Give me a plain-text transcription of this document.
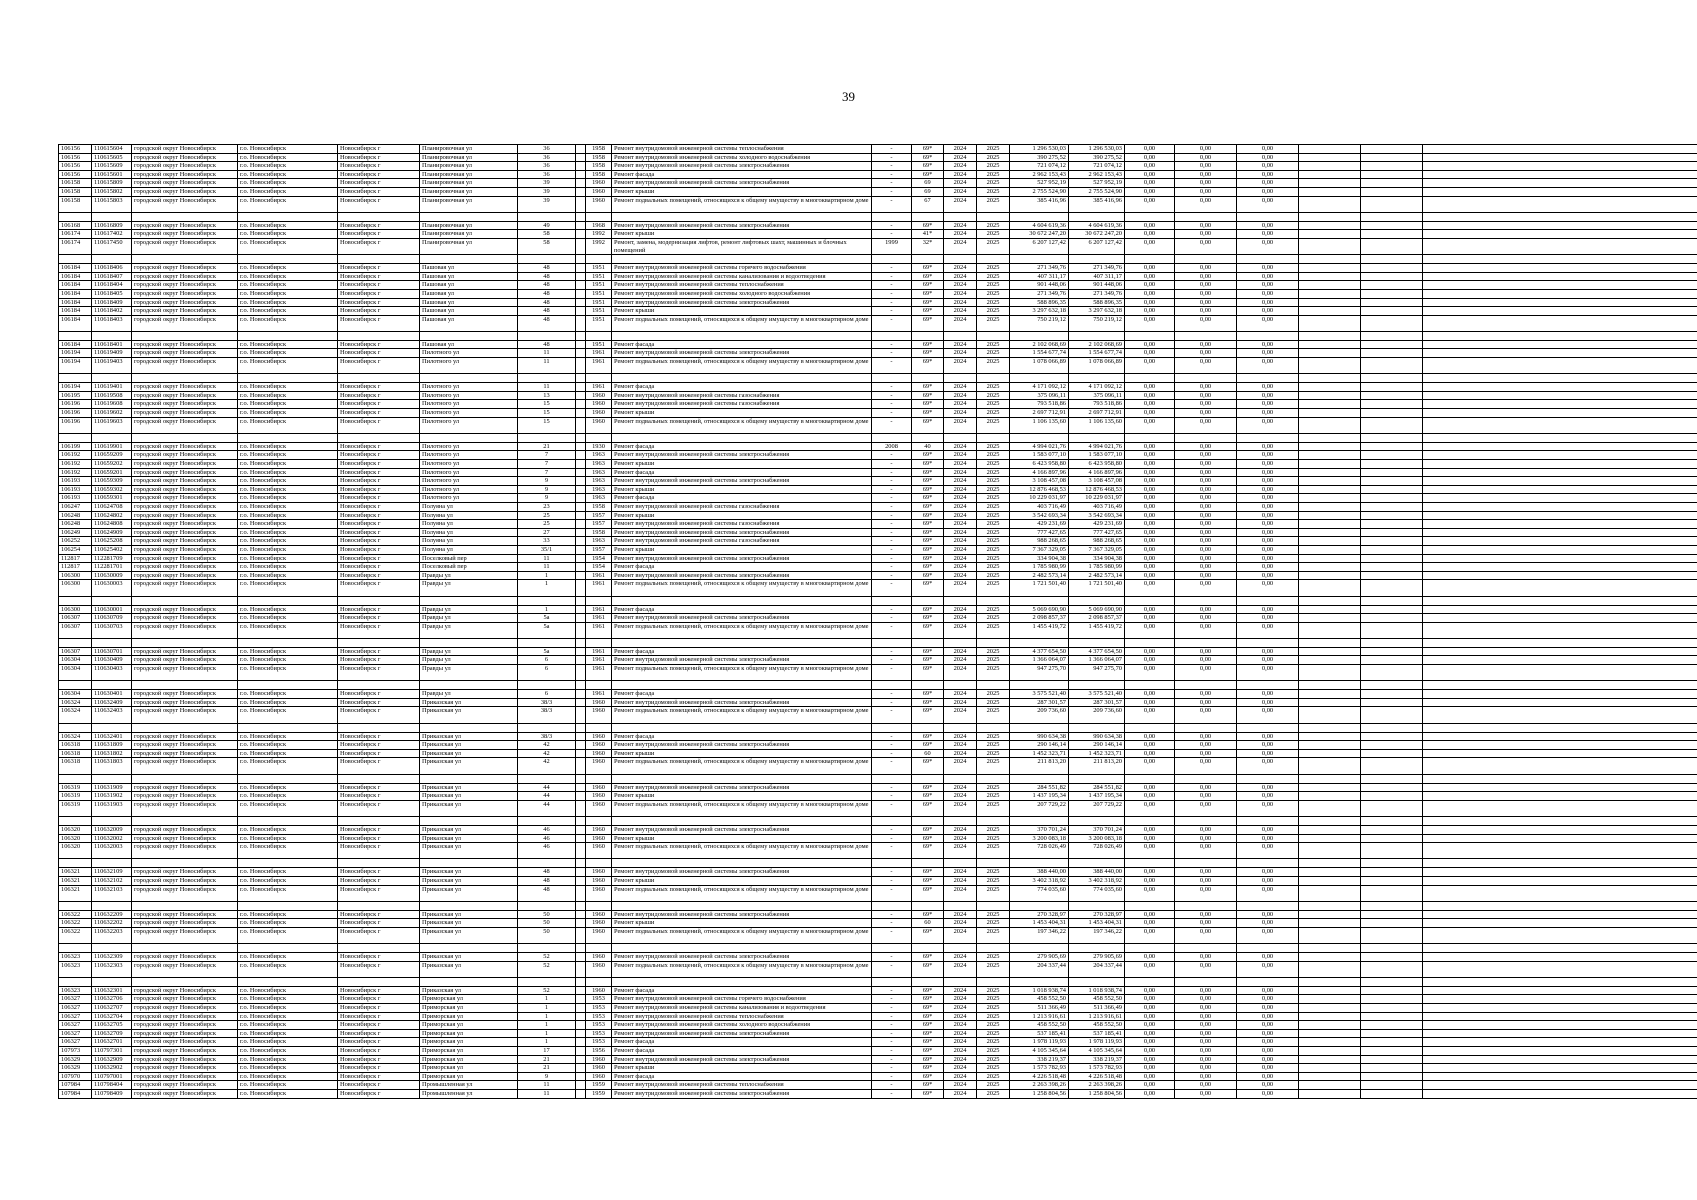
39
106156	110615604	городской округ Новосибирск	г.о. Новосибирск	Новосибирск г	Планировочная ул	36		1958	Ремонт внутридомовой инженерной системы теплоснабжения	-	69*	2024	2025	1 296 530,03	1 296 530,03	0,00	0,00	0,00			
106156	110615605	городской округ Новосибирск	г.о. Новосибирск	Новосибирск г	Планировочная ул	36		1958	Ремонт внутридомовой инженерной системы холодного водоснабжения	-	69*	2024	2025	390 275,52	390 275,52	0,00	0,00	0,00			
106156	110615609	городской округ Новосибирск	г.о. Новосибирск	Новосибирск г	Планировочная ул	36		1958	Ремонт внутридомовой инженерной системы электроснабжения	-	69*	2024	2025	721 074,12	721 074,12	0,00	0,00	0,00			
106156	110615601	городской округ Новосибирск	г.о. Новосибирск	Новосибирск г	Планировочная ул	36		1958	Ремонт фасада	-	69*	2024	2025	2 962 153,43	2 962 153,43	0,00	0,00	0,00			
106158	110615809	городской округ Новосибирск	г.о. Новосибирск	Новосибирск г	Планировочная ул	39		1960	Ремонт внутридомовой инженерной системы электроснабжения	-	69	2024	2025	527 952,19	527 952,19	0,00	0,00	0,00			
106158	110615802	городской округ Новосибирск	г.о. Новосибирск	Новосибирск г	Планировочная ул	39		1960	Ремонт крыши	-	69	2024	2025	2 755 524,90	2 755 524,90	0,00	0,00	0,00			
106158	110615803	городской округ Новосибирск	г.о. Новосибирск	Новосибирск г	Планировочная ул	39		1960	Ремонт подвальных помещений, относящихся к общему имуществу в многоквартирном доме	-	67	2024	2025	385 416,96	385 416,96	0,00	0,00	0,00			

106168	110616809	городской округ Новосибирск	г.о. Новосибирск	Новосибирск г	Планировочная ул	49		1968	Ремонт внутридомовой инженерной системы электроснабжения	-	69*	2024	2025	4 604 619,36	4 604 619,36	0,00	0,00	0,00			
106174	110617402	городской округ Новосибирск	г.о. Новосибирск	Новосибирск г	Планировочная ул	58		1992	Ремонт крыши	-	41*	2024	2025	30 672 247,20	30 672 247,20	0,00	0,00	0,00			
106174	110617450	городской округ Новосибирск	г.о. Новосибирск	Новосибирск г	Планировочная ул	58		1992	Ремонт, замена, модернизация лифтов, ремонт лифтовых шахт, машинных и блочных помещений	1999	32*	2024	2025	6 207 127,42	6 207 127,42	0,00	0,00	0,00			

106184	110618406	городской округ Новосибирск	г.о. Новосибирск	Новосибирск г	Пашовая ул	48		1951	Ремонт внутридомовой инженерной системы горячего водоснабжения	-	69*	2024	2025	271 349,76	271 349,76	0,00	0,00	0,00			
106184	110618407	городской округ Новосибирск	г.о. Новосибирск	Новосибирск г	Пашовая ул	48		1951	Ремонт внутридомовой инженерной системы канализования и водоотведения	-	69*	2024	2025	407 311,17	407 311,17	0,00	0,00	0,00			
106184	110618404	городской округ Новосибирск	г.о. Новосибирск	Новосибирск г	Пашовая ул	48		1951	Ремонт внутридомовой инженерной системы теплоснабжения	-	69*	2024	2025	901 448,06	901 448,06	0,00	0,00	0,00			
106184	110618405	городской округ Новосибирск	г.о. Новосибирск	Новосибирск г	Пашовая ул	48		1951	Ремонт внутридомовой инженерной системы холодного водоснабжения	-	69*	2024	2025	271 349,76	271 349,76	0,00	0,00	0,00			
106184	110618409	городской округ Новосибирск	г.о. Новосибирск	Новосибирск г	Пашовая ул	48		1951	Ремонт внутридомовой инженерной системы электроснабжения	-	69*	2024	2025	588 896,35	588 896,35	0,00	0,00	0,00			
106184	110618402	городской округ Новосибирск	г.о. Новосибирск	Новосибирск г	Пашовая ул	48		1951	Ремонт крыши	-	69*	2024	2025	3 297 632,18	3 297 632,18	0,00	0,00	0,00			
106184	110618403	городской округ Новосибирск	г.о. Новосибирск	Новосибирск г	Пашовая ул	48		1951	Ремонт подвальных помещений, относящихся к общему имуществу в многоквартирном доме	-	69*	2024	2025	750 219,12	750 219,12	0,00	0,00	0,00			

106184	110618401	городской округ Новосибирск	г.о. Новосибирск	Новосибирск г	Пашовая ул	48		1951	Ремонт фасада	-	69*	2024	2025	2 102 068,69	2 102 068,69	0,00	0,00	0,00			
106194	110619409	городской округ Новосибирск	г.о. Новосибирск	Новосибирск г	Пилотного ул	11		1961	Ремонт внутридомовой инженерной системы электроснабжения	-	69*	2024	2025	1 554 677,74	1 554 677,74	0,00	0,00	0,00			
106194	110619403	городской округ Новосибирск	г.о. Новосибирск	Новосибирск г	Пилотного ул	11		1961	Ремонт подвальных помещений, относящихся к общему имуществу в многоквартирном доме	-	69*	2024	2025	1 078 066,89	1 078 066,89	0,00	0,00	0,00			

106194	110619401	городской округ Новосибирск	г.о. Новосибирск	Новосибирск г	Пилотного ул	11		1961	Ремонт фасада	-	69*	2024	2025	4 171 092,12	4 171 092,12	0,00	0,00	0,00			
106195	110619508	городской округ Новосибирск	г.о. Новосибирск	Новосибирск г	Пилотного ул	13		1960	Ремонт внутридомовой инженерной системы газоснабжения	-	69*	2024	2025	375 096,11	375 096,11	0,00	0,00	0,00			
106196	110619608	городской округ Новосибирск	г.о. Новосибирск	Новосибирск г	Пилотного ул	15		1960	Ремонт внутридомовой инженерной системы газоснабжения	-	69*	2024	2025	793 518,86	793 518,86	0,00	0,00	0,00			
106196	110619602	городской округ Новосибирск	г.о. Новосибирск	Новосибирск г	Пилотного ул	15		1960	Ремонт крыши	-	69*	2024	2025	2 697 712,91	2 697 712,91	0,00	0,00	0,00			
106196	110619603	городской округ Новосибирск	г.о. Новосибирск	Новосибирск г	Пилотного ул	15		1960	Ремонт подвальных помещений, относящихся к общему имуществу в многоквартирном доме	-	69*	2024	2025	1 106 135,60	1 106 135,60	0,00	0,00	0,00			

106199	110619901	городской округ Новосибирск	г.о. Новосибирск	Новосибирск г	Пилотного ул	21		1930	Ремонт фасада	2008	40	2024	2025	4 994 021,76	4 994 021,76	0,00	0,00	0,00			
106192	110659209	городской округ Новосибирск	г.о. Новосибирск	Новосибирск г	Пилотного ул	7		1963	Ремонт внутридомовой инженерной системы электроснабжения	-	69*	2024	2025	1 583 077,10	1 583 077,10	0,00	0,00	0,00			
106192	110659202	городской округ Новосибирск	г.о. Новосибирск	Новосибирск г	Пилотного ул	7		1963	Ремонт крыши	-	69*	2024	2025	6 423 958,80	6 423 958,80	0,00	0,00	0,00			
106192	110659201	городской округ Новосибирск	г.о. Новосибирск	Новосибирск г	Пилотного ул	7		1963	Ремонт фасада	-	69*	2024	2025	4 166 897,96	4 166 897,96	0,00	0,00	0,00			
106193	110659309	городской округ Новосибирск	г.о. Новосибирск	Новосибирск г	Пилотного ул	9		1963	Ремонт внутридомовой инженерной системы электроснабжения	-	69*	2024	2025	3 108 457,08	3 108 457,08	0,00	0,00	0,00			
106193	110659302	городской округ Новосибирск	г.о. Новосибирск	Новосибирск г	Пилотного ул	9		1963	Ремонт крыши	-	69*	2024	2025	12 876 468,53	12 876 468,53	0,00	0,00	0,00			
106193	110659301	городской округ Новосибирск	г.о. Новосибирск	Новосибирск г	Пилотного ул	9		1963	Ремонт фасада	-	69*	2024	2025	10 229 031,97	10 229 031,97	0,00	0,00	0,00			
106247	110624708	городской округ Новосибирск	г.о. Новосибирск	Новосибирск г	Полуяна ул	23		1958	Ремонт внутридомовой инженерной системы газоснабжения	-	69*	2024	2025	403 716,49	403 716,49	0,00	0,00	0,00			
106248	110624802	городской округ Новосибирск	г.о. Новосибирск	Новосибирск г	Полуяна ул	25		1957	Ремонт крыши	-	69*	2024	2025	3 542 693,34	3 542 693,34	0,00	0,00	0,00			
106248	110624808	городской округ Новосибирск	г.о. Новосибирск	Новосибирск г	Полуяна ул	25		1957	Ремонт внутридомовой инженерной системы газоснабжения	-	69*	2024	2025	429 231,69	429 231,69	0,00	0,00	0,00			
106249	110624909	городской округ Новосибирск	г.о. Новосибирск	Новосибирск г	Полуяна ул	27		1958	Ремонт внутридомовой инженерной системы электроснабжения	-	69*	2024	2025	777 427,65	777 427,65	0,00	0,00	0,00			
106252	110625208	городской округ Новосибирск	г.о. Новосибирск	Новосибирск г	Полуяна ул	33		1963	Ремонт внутридомовой инженерной системы газоснабжения	-	69*	2024	2025	988 268,65	988 268,65	0,00	0,00	0,00			
106254	110625402	городской округ Новосибирск	г.о. Новосибирск	Новосибирск г	Полуяна ул	35/1		1957	Ремонт крыши	-	69*	2024	2025	7 367 329,05	7 367 329,05	0,00	0,00	0,00			
112817	112281709	городской округ Новосибирск	г.о. Новосибирск	Новосибирск г	Поселковый пер	11		1954	Ремонт внутридомовой инженерной системы электроснабжения	-	69*	2024	2025	334 904,38	334 904,38	0,00	0,00	0,00			
112817	112281701	городской округ Новосибирск	г.о. Новосибирск	Новосибирск г	Поселковый пер	11		1954	Ремонт фасада	-	69*	2024	2025	1 785 980,99	1 785 980,99	0,00	0,00	0,00			
106300	110630009	городской округ Новосибирск	г.о. Новосибирск	Новосибирск г	Правды ул	1		1961	Ремонт внутридомовой инженерной системы электроснабжения	-	69*	2024	2025	2 482 573,14	2 482 573,14	0,00	0,00	0,00			
106300	110630003	городской округ Новосибирск	г.о. Новосибирск	Новосибирск г	Правды ул	1		1961	Ремонт подвальных помещений, относящихся к общему имуществу в многоквартирном доме	-	69*	2024	2025	1 721 501,40	1 721 501,40	0,00	0,00	0,00			

106300	110630001	городской округ Новосибирск	г.о. Новосибирск	Новосибирск г	Правды ул	1		1961	Ремонт фасада	-	69*	2024	2025	5 069 690,90	5 069 690,90	0,00	0,00	0,00			
106307	110630709	городской округ Новосибирск	г.о. Новосибирск	Новосибирск г	Правды ул	5а		1961	Ремонт внутридомовой инженерной системы электроснабжения	-	69*	2024	2025	2 098 857,37	2 098 857,37	0,00	0,00	0,00			
106307	110630703	городской округ Новосибирск	г.о. Новосибирск	Новосибирск г	Правды ул	5а		1961	Ремонт подвальных помещений, относящихся к общему имуществу в многоквартирном доме	-	69*	2024	2025	1 455 419,72	1 455 419,72	0,00	0,00	0,00			

106307	110630701	городской округ Новосибирск	г.о. Новосибирск	Новосибирск г	Правды ул	5а		1961	Ремонт фасада	-	69*	2024	2025	4 377 654,50	4 377 654,50	0,00	0,00	0,00			
106304	110630409	городской округ Новосибирск	г.о. Новосибирск	Новосибирск г	Правды ул	6		1961	Ремонт внутридомовой инженерной системы электроснабжения	-	69*	2024	2025	1 366 064,07	1 366 064,07	0,00	0,00	0,00			
106304	110630403	городской округ Новосибирск	г.о. Новосибирск	Новосибирск г	Правды ул	6		1961	Ремонт подвальных помещений, относящихся к общему имуществу в многоквартирном доме	-	69*	2024	2025	947 275,70	947 275,70	0,00	0,00	0,00			

106304	110630401	городской округ Новосибирск	г.о. Новосибирск	Новосибирск г	Правды ул	6		1961	Ремонт фасада	-	69*	2024	2025	3 575 521,40	3 575 521,40	0,00	0,00	0,00			
106324	110632409	городской округ Новосибирск	г.о. Новосибирск	Новосибирск г	Приказская ул	38/3		1960	Ремонт внутридомовой инженерной системы электроснабжения	-	69*	2024	2025	287 301,57	287 301,57	0,00	0,00	0,00			
106324	110632403	городской округ Новосибирск	г.о. Новосибирск	Новосибирск г	Приказская ул	38/3		1960	Ремонт подвальных помещений, относящихся к общему имуществу в многоквартирном доме	-	69*	2024	2025	209 736,60	209 736,60	0,00	0,00	0,00			

106324	110632401	городской округ Новосибирск	г.о. Новосибирск	Новосибирск г	Приказская ул	38/3		1960	Ремонт фасада	-	69*	2024	2025	990 634,38	990 634,38	0,00	0,00	0,00			
106318	110631809	городской округ Новосибирск	г.о. Новосибирск	Новосибирск г	Приказская ул	42		1960	Ремонт внутридомовой инженерной системы электроснабжения	-	69*	2024	2025	290 146,14	290 146,14	0,00	0,00	0,00			
106318	110631802	городской округ Новосибирск	г.о. Новосибирск	Новосибирск г	Приказская ул	42		1960	Ремонт крыши	-	60	2024	2025	1 452 323,71	1 452 323,71	0,00	0,00	0,00			
106318	110631803	городской округ Новосибирск	г.о. Новосибирск	Новосибирск г	Приказская ул	42		1960	Ремонт подвальных помещений, относящихся к общему имуществу в многоквартирном доме	-	69*	2024	2025	211 813,20	211 813,20	0,00	0,00	0,00			

106319	110631909	городской округ Новосибирск	г.о. Новосибирск	Новосибирск г	Приказская ул	44		1960	Ремонт внутридомовой инженерной системы электроснабжения	-	69*	2024	2025	284 551,82	284 551,82	0,00	0,00	0,00			
106319	110631902	городской округ Новосибирск	г.о. Новосибирск	Новосибирск г	Приказская ул	44		1960	Ремонт крыши	-	69*	2024	2025	1 437 195,34	1 437 195,34	0,00	0,00	0,00			
106319	110631903	городской округ Новосибирск	г.о. Новосибирск	Новосибирск г	Приказская ул	44		1960	Ремонт подвальных помещений, относящихся к общему имуществу в многоквартирном доме	-	69*	2024	2025	207 729,22	207 729,22	0,00	0,00	0,00			

106320	110632009	городской округ Новосибирск	г.о. Новосибирск	Новосибирск г	Приказская ул	46		1960	Ремонт внутридомовой инженерной системы электроснабжения	-	69*	2024	2025	370 701,24	370 701,24	0,00	0,00	0,00			
106320	110632002	городской округ Новосибирск	г.о. Новосибирск	Новосибирск г	Приказская ул	46		1960	Ремонт крыши	-	69*	2024	2025	3 200 083,18	3 200 083,18	0,00	0,00	0,00			
106320	110632003	городской округ Новосибирск	г.о. Новосибирск	Новосибирск г	Приказская ул	46		1960	Ремонт подвальных помещений, относящихся к общему имуществу в многоквартирном доме	-	69*	2024	2025	728 026,49	728 026,49	0,00	0,00	0,00			

106321	110632109	городской округ Новосибирск	г.о. Новосибирск	Новосибирск г	Приказская ул	48		1960	Ремонт внутридомовой инженерной системы электроснабжения	-	69*	2024	2025	388 440,00	388 440,00	0,00	0,00	0,00			
106321	110632102	городской округ Новосибирск	г.о. Новосибирск	Новосибирск г	Приказская ул	48		1960	Ремонт крыши	-	69*	2024	2025	3 402 318,92	3 402 318,92	0,00	0,00	0,00			
106321	110632103	городской округ Новосибирск	г.о. Новосибирск	Новосибирск г	Приказская ул	48		1960	Ремонт подвальных помещений, относящихся к общему имуществу в многоквартирном доме	-	69*	2024	2025	774 035,60	774 035,60	0,00	0,00	0,00			

106322	110632209	городской округ Новосибирск	г.о. Новосибирск	Новосибирск г	Приказская ул	50		1960	Ремонт внутридомовой инженерной системы электроснабжения	-	69*	2024	2025	270 328,97	270 328,97	0,00	0,00	0,00			
106322	110632202	городской округ Новосибирск	г.о. Новосибирск	Новосибирск г	Приказская ул	50		1960	Ремонт крыши	-	60	2024	2025	1 453 404,31	1 453 404,31	0,00	0,00	0,00			
106322	110632203	городской округ Новосибирск	г.о. Новосибирск	Новосибирск г	Приказская ул	50		1960	Ремонт подвальных помещений, относящихся к общему имуществу в многоквартирном доме	-	69*	2024	2025	197 346,22	197 346,22	0,00	0,00	0,00			

106323	110632309	городской округ Новосибирск	г.о. Новосибирск	Новосибирск г	Приказская ул	52		1960	Ремонт внутридомовой инженерной системы электроснабжения	-	69*	2024	2025	279 905,69	279 905,69	0,00	0,00	0,00			
106323	110632303	городской округ Новосибирск	г.о. Новосибирск	Новосибирск г	Приказская ул	52		1960	Ремонт подвальных помещений, относящихся к общему имуществу в многоквартирном доме	-	69*	2024	2025	204 337,44	204 337,44	0,00	0,00	0,00			

106323	110632301	городской округ Новосибирск	г.о. Новосибирск	Новосибирск г	Приказская ул	52		1960	Ремонт фасада	-	69*	2024	2025	1 018 938,74	1 018 938,74	0,00	0,00	0,00			
106327	110632706	городской округ Новосибирск	г.о. Новосибирск	Новосибирск г	Приморская ул	1		1953	Ремонт внутридомовой инженерной системы горячего водоснабжения	-	69*	2024	2025	458 552,50	458 552,50	0,00	0,00	0,00			
106327	110632707	городской округ Новосибирск	г.о. Новосибирск	Новосибирск г	Приморская ул	1		1953	Ремонт внутридомовой инженерной системы канализования и водоотведения	-	69*	2024	2025	511 366,49	511 366,49	0,00	0,00	0,00			
106327	110632704	городской округ Новосибирск	г.о. Новосибирск	Новосибирск г	Приморская ул	1		1953	Ремонт внутридомовой инженерной системы теплоснабжения	-	69*	2024	2025	1 213 916,61	1 213 916,61	0,00	0,00	0,00			
106327	110632705	городской округ Новосибирск	г.о. Новосибирск	Новосибирск г	Приморская ул	1		1953	Ремонт внутридомовой инженерной системы холодного водоснабжения	-	69*	2024	2025	458 552,50	458 552,50	0,00	0,00	0,00			
106327	110632709	городской округ Новосибирск	г.о. Новосибирск	Новосибирск г	Приморская ул	1		1953	Ремонт внутридомовой инженерной системы электроснабжения	-	69*	2024	2025	537 185,41	537 185,41	0,00	0,00	0,00			
106327	110632701	городской округ Новосибирск	г.о. Новосибирск	Новосибирск г	Приморская ул	1		1953	Ремонт фасада	-	69*	2024	2025	1 978 119,93	1 978 119,93	0,00	0,00	0,00			
107973	110797301	городской округ Новосибирск	г.о. Новосибирск	Новосибирск г	Приморская ул	17		1956	Ремонт фасада	-	69*	2024	2025	4 105 345,64	4 105 345,64	0,00	0,00	0,00			
106329	110632909	городской округ Новосибирск	г.о. Новосибирск	Новосибирск г	Приморская ул	21		1960	Ремонт внутридомовой инженерной системы электроснабжения	-	69*	2024	2025	338 219,37	338 219,37	0,00	0,00	0,00			
106329	110632902	городской округ Новосибирск	г.о. Новосибирск	Новосибирск г	Приморская ул	21		1960	Ремонт крыши	-	69*	2024	2025	1 573 782,93	1 573 782,93	0,00	0,00	0,00			
107970	110797001	городской округ Новосибирск	г.о. Новосибирск	Новосибирск г	Приморская ул	9		1960	Ремонт фасада	-	69*	2024	2025	4 226 518,48	4 226 518,48	0,00	0,00	0,00			
107984	110798404	городской округ Новосибирск	г.о. Новосибирск	Новосибирск г	Промышленная ул	11		1959	Ремонт внутридомовой инженерной системы теплоснабжения	-	69*	2024	2025	2 263 398,26	2 263 398,26	0,00	0,00	0,00			
107984	110798409	городской округ Новосибирск	г.о. Новосибирск	Новосибирск г	Промышленная ул	11		1959	Ремонт внутридомовой инженерной системы электроснабжения	-	69*	2024	2025	1 258 804,56	1 258 804,56	0,00	0,00	0,00			
